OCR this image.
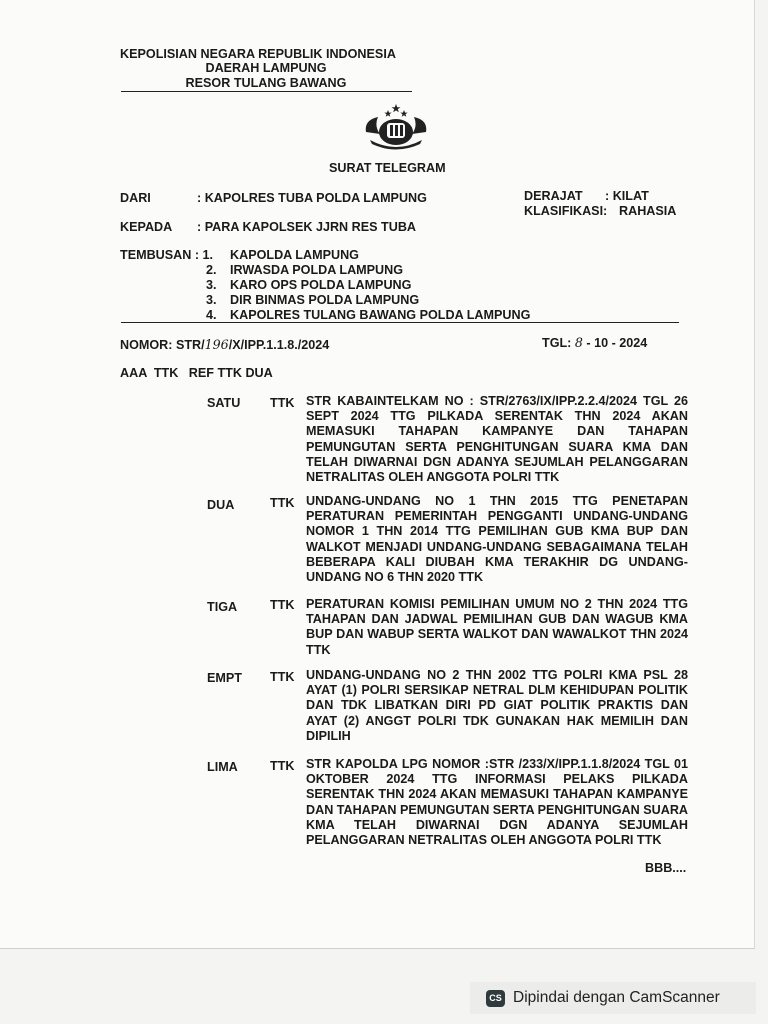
KEPOLISIAN NEGARA REPUBLIK INDONESIA
DAERAH LAMPUNG
RESOR TULANG BAWANG
SURAT TELEGRAM
DARI	: KAPOLRES TUBA POLDA LAMPUNG	DERAJAT : KILAT
KLASIFIKASI: RAHASIA
KEPADA : PARA KAPOLSEK JJRN RES TUBA
TEMBUSAN : 1. KAPOLDA LAMPUNG
2.	IRWASDA POLDA LAMPUNG
3.	KARO OPS POLDA LAMPUNG
3.	DIR BINMAS POLDA LAMPUNG
4.	KAPOLRES TULANG BAWANG POLDA LAMPUNG
NOMOR: STR/196/X/IPP.1.1.8./2024	TGL: 8 - 10 - 2024
AAA  TTK   REF TTK DUA
SATU TTK STR KABAINTELKAM NO : STR/2763/IX/IPP.2.2.4/2024 TGL 26 SEPT 2024 TTG PILKADA SERENTAK THN 2024 AKAN MEMASUKI TAHAPAN KAMPANYE DAN TAHAPAN PEMUNGUTAN SERTA PENGHITUNGAN SUARA KMA DAN TELAH DIWARNAI DGN ADANYA SEJUMLAH PELANGGARAN NETRALITAS OLEH ANGGOTA POLRI TTK
DUA	TTK UNDANG-UNDANG NO 1 THN 2015 TTG PENETAPAN PERATURAN PEMERINTAH PENGGANTI UNDANG-UNDANG NOMOR 1 THN 2014 TTG PEMILIHAN GUB KMA BUP DAN WALKOT MENJADI UNDANG-UNDANG SEBAGAIMANA TELAH BEBERAPA KALI DIUBAH KMA TERAKHIR DG UNDANG-UNDANG NO 6 THN 2020 TTK
TIGA	TTK PERATURAN KOMISI PEMILIHAN UMUM NO 2 THN 2024 TTG TAHAPAN DAN JADWAL PEMILIHAN GUB DAN WAGUB KMA BUP DAN WABUP SERTA WALKOT DAN WAWALKOT THN 2024 TTK
EMPT TTK UNDANG-UNDANG NO 2 THN 2002 TTG POLRI KMA PSL 28 AYAT (1) POLRI SERSIKAP NETRAL DLM KEHIDUPAN POLITIK DAN TDK LIBATKAN DIRI PD GIAT POLITIK PRAKTIS DAN AYAT (2) ANGGT POLRI TDK GUNAKAN HAK MEMILIH DAN DIPILIH
LIMA	TTK STR KAPOLDA LPG NOMOR :STR /233/X/IPP.1.1.8/2024 TGL 01 OKTOBER 2024 TTG INFORMASI PELAKS PILKADA SERENTAK THN 2024 AKAN MEMASUKI TAHAPAN KAMPANYE DAN TAHAPAN PEMUNGUTAN SERTA PENGHITUNGAN SUARA KMA TELAH DIWARNAI DGN ADANYA SEJUMLAH PELANGGARAN NETRALITAS OLEH ANGGOTA POLRI TTK
BBB....
CS Dipindai dengan CamScanner
